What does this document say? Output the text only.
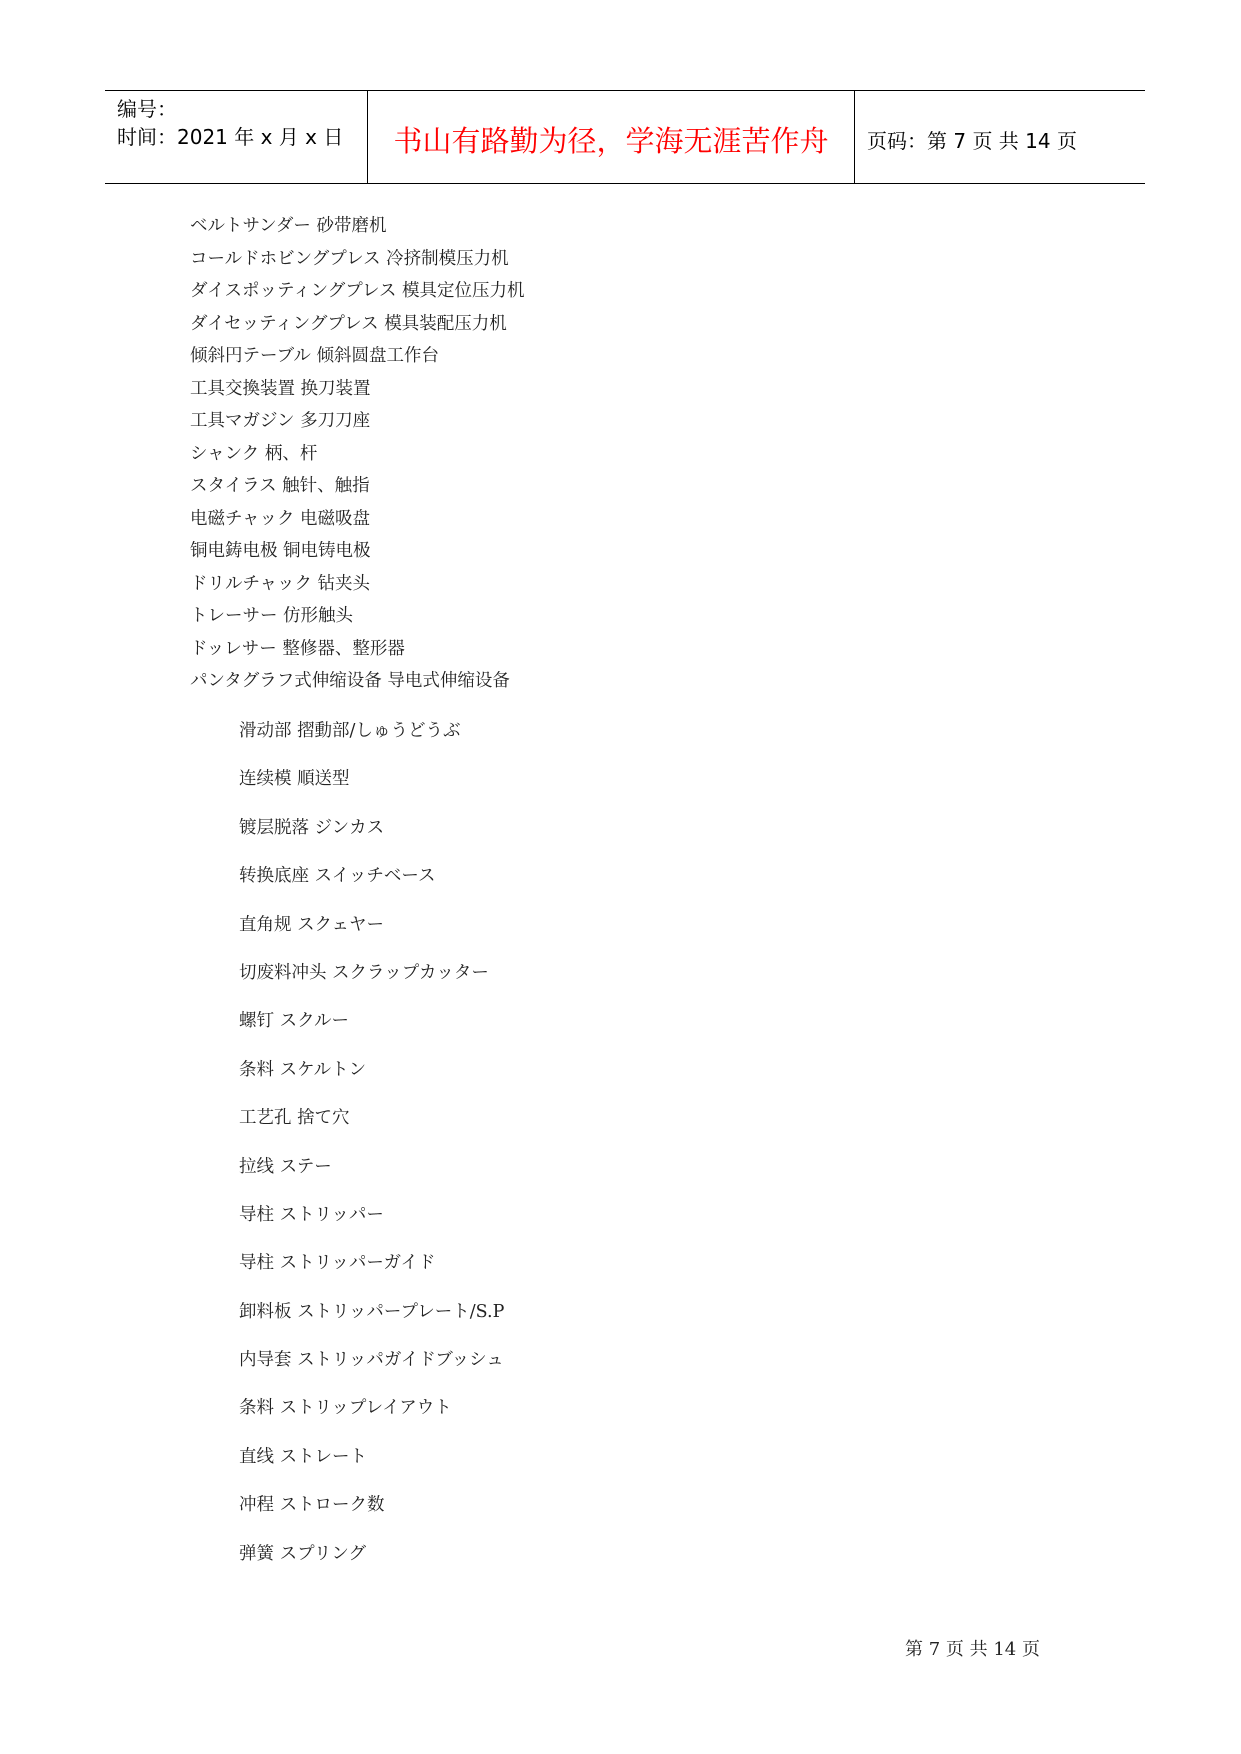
编号：
时间：2021 年 x 月 x 日	书山有路勤为径，学海无涯苦作舟	页码：第 7 页 共 14 页
ベルトサンダー 砂带磨机
コールドホビングプレス 冷挤制模压力机
ダイスポッティングプレス 模具定位压力机
ダイセッティングプレス 模具装配压力机
倾斜円テーブル 倾斜圆盘工作台
工具交換装置 换刀装置
工具マガジン 多刀刀座
シャンク 柄、杆
スタイラス 触针、触指
电磁チャック 电磁吸盘
铜电鋳电极 铜电铸电极
ドリルチャック 钻夹头
トレーサー 仿形触头
ドッレサー 整修器、整形器
パンタグラフ式伸缩设备 导电式伸缩设备
滑动部 摺動部/しゅうどうぶ
连续模 順送型
镀层脱落 ジンカス
转换底座 スイッチベース
直角规 スクェヤー
切废料冲头 スクラップカッター
螺钉 スクルー
条料 スケルトン
工艺孔 捨て穴
拉线 ステー
导柱 ストリッパー
导柱 ストリッパーガイド
卸料板 ストリッパープレート/S.P
内导套 ストリッパガイドブッシュ
条料 ストリップレイアウト
直线 ストレート
冲程 ストローク数
弹簧 スプリング
第 7 页 共 14 页
